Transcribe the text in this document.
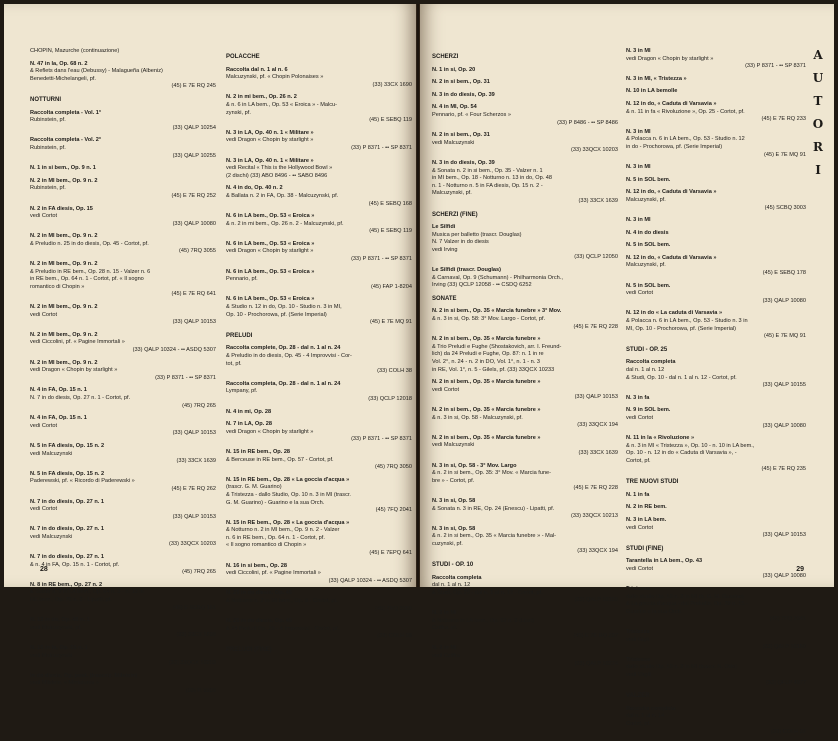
CHOPIN, Mazurche (continuazione)
N. 47 in la, Op. 68 n. 2
& Reflets dans l'eau (Debussy) - Malagueña (Albeniz)
Benedetti-Michelangeli, pf.
(45) E 7E RQ 245
NOTTURNI
Raccolta completa - Vol. 1°
Rubinstein, pf.
(33) QALP 10254
Raccolta completa - Vol. 2°
Rubinstein, pf.
(33) QALP 10255
N. 1 in si bem., Op. 9 n. 1
N. 2 in MI bem., Op. 9 n. 2
Rubinstein, pf.
(45) E 7E RQ 252
N. 2 in FA diesis, Op. 15
vedi Cortot
(33) QALP 10080
N. 2 in MI bem., Op. 9 n. 2
& Preludio n. 25 in do diesis, Op. 45 - Cortot, pf.
(45) 7RQ 3055
N. 2 in MI bem., Op. 9 n. 2
& Preludio in RE bem., Op. 28 n. 15 - Valzer n. 6
in RE bem., Op. 64 n. 1 - Cortot, pf. « Il sogno
romantico di Chopin »
(45) E 7E RQ 641
N. 2 in MI bem., Op. 9 n. 2
vedi Cortot
(33) QALP 10153
N. 2 in MI bem., Op. 9 n. 2
vedi Ciccolini, pf. « Pagine Immortali »
(33) QALP 10324 - •• ASDQ 5307
N. 2 in MI bem., Op. 9 n. 2
vedi Dragon « Chopin by starlight »
(33) P 8371 - •• SP 8371
N. 4 in FA, Op. 15 n. 1
N. 7 in do diesis, Op. 27 n. 1 - Cortot, pf.
(45) 7RQ 265
N. 4 in FA, Op. 15 n. 1
vedi Cortot
(33) QALP 10153
N. 5 in FA diesis, Op. 15 n. 2
vedi Malcuzynski
(33) 33CX 1639
N. 5 in FA diesis, Op. 15 n. 2
Paderewski, pf. « Ricordo di Paderewski »
(45) E 7E RQ 262
N. 7 in do diesis, Op. 27 n. 1
vedi Cortot
(33) QALP 10153
N. 7 in do diesis, Op. 27 n. 1
vedi Malcuzynski
(33) 33QCX 10203
N. 7 in do diesis, Op. 27 n. 1
& n. 4 in FA, Op. 15 n. 1 - Cortot, pf.
(45) 7RQ 265
N. 8 in RE bem., Op. 27 n. 2
& Valzer n. 8 in LA bem., Op. 64 n. 3 - n. 13 in
RE bem., Op. 70 n. 3 - Lipatti, pf.
(45) E SEBQ 151
N. 13 in do, Op. 48 n. 1
vedi Malcuzynski, pf.
(33) 33CX 1639
N. 15 in fa, Op. 55 n. 1
vedi Malcuzynski
(33) 33QCX 10203
In do diesis, Op. post. (trascriz. Milstein)
vedi Milstein, « Miniatures »
(33) P. 8339
POLACCHE
Raccolta dal n. 1 al n. 6
Malcuzynski, pf. « Chopin Polonaises »
(33) 33CX 1690
N. 2 in mi bem., Op. 26 n. 2
& n. 6 in LA bem., Op. 53 « Eroica » - Malcu-
zynski, pf.
(45) E SEBQ 119
N. 3 in LA, Op. 40 n. 1 « Militare »
vedi Dragon « Chopin by starlight »
(33) P 8371 - •• SP 8371
N. 3 in LA, Op. 40 n. 1 « Militare »
vedi Recital « This is the Hollywood Bowl »
(2 dischi) (33) ABO 8496 - •• SABO 8496
N. 4 in do, Op. 40 n. 2
& Ballata n. 2 in FA, Op. 38 - Malcuzynski, pf.
(45) E SEBQ 168
N. 6 in LA bem., Op. 53 « Eroica »
& n. 2 in mi bem., Op. 26 n. 2 - Malcuzynski, pf.
(45) E SEBQ 119
N. 6 in LA bem., Op. 53 « Eroica »
vedi Dragon « Chopin by starlight »
(33) P 8371 - •• SP 8371
N. 6 in LA bem., Op. 53 « Eroica »
Pennario, pf.
(45) FAP 1-8204
N. 6 in LA bem., Op. 53 « Eroica »
& Studio n. 12 in do, Op. 10 - Studio n. 3 in MI,
Op. 10 - Prochorowa, pf. (Serie Imperial)
(45) E 7E MQ 91
PRELUDI
Raccolta complete, Op. 28 - dal n. 1 al n. 24
& Preludio in do diesis, Op. 45 - 4 Improvvisi - Cor-
tot, pf.
(33) COLH 38
Raccolta completa, Op. 28 - dal n. 1 al n. 24
Lympany, pf.
(33) QCLP 12018
N. 4 in mi, Op. 28
N. 7 in LA, Op. 28
vedi Dragon « Chopin by starlight »
(33) P 8371 - •• SP 8371
N. 15 in RE bem., Op. 28
& Berceuse in RE bem., Op. 57 - Cortot, pf.
(45) 7RQ 3050
N. 15 in RE bem., Op. 28 « La goccia d'acqua »
(trascr. G. M. Guarino)
& Tristezza - dallo Studio, Op. 10 n. 3 in MI (trascr.
G. M. Guarino) - Guarino e la sua Orch.
(45) 7FQ 2041
N. 15 in RE bem., Op. 28 « La goccia d'acqua »
& Notturno n. 2 in MI bem., Op. 9 n. 2 - Valzer
n. 6 in RE bem., Op. 64 n. 1 - Cortot, pf.
« Il sogno romantico di Chopin »
(45) E 7EPQ 641
N. 16 in si bem., Op. 28
vedi Ciccolini, pf. « Pagine Immortali »
(33) QALP 10324 - •• ASDQ 5307
N. 25 in do diesis, Op. 45
& Notturno n. 2 in MI bem., Op. 9 - Cortot, pf.
(45) 7RQ 3055
N. 25 in do diesis, Op. 45
& 24 Preludi Op. 28 - 4 Improvvisi - Cortot, pf.
(33) COLH 38
PRELUDI (FINE)
28
SCHERZI
N. 1 in si, Op. 20
N. 2 in si bem., Op. 31
N. 3 in do diesis, Op. 39
N. 4 in MI, Op. 54
Pennario, pf. « Four Scherzos »
(33) P 8486 - •• SP 8486
N. 2 in si bem., Op. 31
vedi Malcuzynski
(33) 33QCX 10203
N. 3 in do diesis, Op. 39
& Sonata n. 2 in si bem., Op. 35 - Valzer n. 1
in MI bem., Op. 18 - Notturno n. 13 in do, Op. 48
n. 1 - Notturno n. 5 in FA diesis, Op. 15 n. 2 -
Malcuzynski, pf.
(33) 33CX 1639
SCHERZI (FINE)
Le Silfidi
Musica per balletto (trascr. Douglas)
N. 7 Valzer in do diesis
vedi Irving
(33) QCLP 12050
Le Silfidi (trascr. Douglas)
& Carnaval, Op. 9 (Schumann) - Philharmonia Orch.,
Irving (33) QCLP 12058 - •• CSDQ 6252
SONATE
N. 2 in si bem., Op. 35 « Marcia funebre » 3° Mov.
& n. 3 in si, Op. 58: 3° Mov. Largo - Cortot, pf.
(45) E 7E RQ 228
N. 2 in si bem., Op. 35 « Marcia funebre »
& Trio Preludi e Fughe (Shostakovich, arr. I. Freund-
lich) da 24 Preludi e Fughe, Op. 87: n. 1 in re
Vol. 2°, n. 24 - n. 2 in DO, Vol. 1°, n. 1 - n. 3
in RE, Vol. 1°, n. 5 - Gilels, pf. (33) 33QCX 10233
N. 2 in si bem., Op. 35 « Marcia funebre »
vedi Cortot
(33) QALP 10153
N. 2 in si bem., Op. 35 « Marcia funebre »
& n. 3 in si, Op. 58 - Malcuzynski, pf.
(33) 33QCX 194
N. 2 in si bem., Op. 35 « Marcia funebre »
vedi Malcuzynski
(33) 33CX 1639
N. 3 in si, Op. 58 - 3° Mov. Largo
& n. 2 in si bem., Op. 35: 3° Mov. « Marcia fune-
bre » - Cortot, pf.
(45) E 7E RQ 228
N. 3 in si, Op. 58
& Sonata n. 3 in RE, Op. 24 (Enescu) - Lipatti, pf.
(33) 33QCX 10213
N. 3 in si, Op. 58
& n. 2 in si bem., Op. 35 « Marcia funebre » - Mal-
cuzynski, pf.
(33) 33QCX 194
STUDI - OP. 10
Raccolta completa
dal n. 1 al n. 12
& Studi, Op. 25 - dal n. 1 al n. 12 - Cortot, pf.
(33) QALP 10155
N. 3 in MI
& Notturno in LA bem., Op. 62 n. 3 (Liszt)
Cziffra, pf.
(45) E 7E RQ 237
N. 3 in MI
vedi Cziffra
(33) QALP 10274
N. 3 in MI
vedi Dragon « Chopin by starlight »
(33) P 8371 - •• SP 8371
N. 3 in MI, « Tristezza »
N. 10 in LA bemolle
N. 12 in do, « Caduta di Varsavia »
& n. 11 in fa « Rivoluzione », Op. 25 - Cortot, pf.
(45) E 7E RQ 233
N. 3 in MI
& Polacca n. 6 in LA bem., Op. 53 - Studio n. 12
in do - Prochorowa, pf. (Serie Imperial)
(45) E 7E MQ 91
N. 3 in MI
N. 5 in SOL bem.
N. 12 in do, « Caduta di Varsavia »
Malcuzynski, pf.
(45) SCBQ 3003
N. 3 in MI
N. 4 in do diesis
N. 5 in SOL bem.
N. 12 in do, « Caduta di Varsavia »
Malcuzynski, pf.
(45) E SEBQ 178
N. 5 in SOL bem.
vedi Cortot
(33) QALP 10080
N. 12 in do « La caduta di Varsavia »
& Polacca n. 6 in LA bem., Op. 53 - Studio n. 3 in
MI, Op. 10 - Prochorowa, pf. (Serie Imperial)
(45) E 7E MQ 91
STUDI - OP. 25
Raccolta completa
dal n. 1 al n. 12
& Studi, Op. 10 - dal n. 1 al n. 12 - Cortot, pf.
(33) QALP 10155
N. 3 in fa
N. 9 in SOL bem.
vedi Cortot
(33) QALP 10080
N. 11 in la « Rivoluzione »
& n. 3 in MI « Tristezza », Op. 10 - n. 10 in LA bem.,
Op. 10 - n. 12 in do « Caduta di Varsavia », -
Cortot, pf.
(45) E 7E RQ 235
TRE NUOVI STUDI
N. 1 in fa
N. 2 in RE bem.
N. 3 in LA bem.
vedi Cortot
(33) QALP 10153
STUDI (FINE)
Tarantella in LA bem., Op. 43
vedi Cortot
(33) QALP 10080
Tristezza
dallo studio Op. 10 n. 3 in MI (tr. G. M. Guarino)
& La goccia d'acqua - dal Preludio, Op. 28 n. 15 -
Guarino e la sua Orch.
(45) 7FQ 2041
Tristezza
vedi Gigli
(33) QALP 10150
Tristesse
dallo studio Op. 10 n. 3 in MI (trascr. N. Otto)
vedi Virgili
(33) QFLP 4077
VALZER
Raccolta completa
dal n. 1 al n. 14
Cortot, pf.
(33) COLH 32
A
U
T
O
R
I
29
